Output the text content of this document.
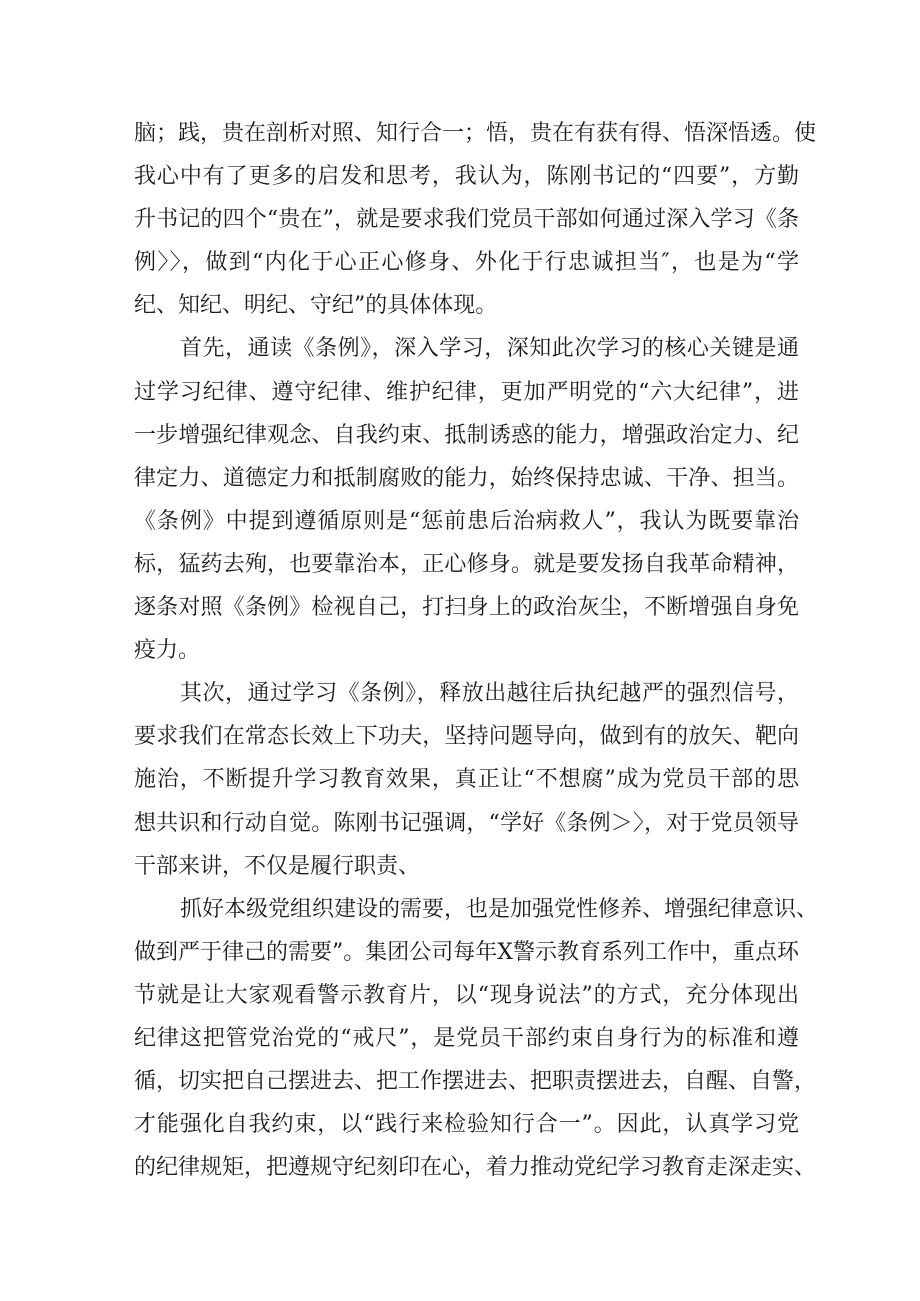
脑；践，贵在剖析对照、知行合一；悟，贵在有获有得、悟深悟透。使
我心中有了更多的启发和思考，我认为，陈刚书记的“四要”，方勤
升书记的四个“贵在”，就是要求我们党员干部如何通过深入学习《条
例〉〉，做到“内化于心正心修身、外化于行忠诚担当″，也是为“学
纪、知纪、明纪、守纪”的具体体现。
首先，通读《条例》，深入学习，深知此次学习的核心关键是通
过学习纪律、遵守纪律、维护纪律，更加严明党的“六大纪律”，进
一步增强纪律观念、自我约束、抵制诱惑的能力，增强政治定力、纪
律定力、道德定力和抵制腐败的能力，始终保持忠诚、干净、担当。
《条例》中提到遵循原则是“惩前患后治病救人”，我认为既要靠治
标，猛药去殉，也要靠治本，正心修身。就是要发扬自我革命精神，
逐条对照《条例》检视自己，打扫身上的政治灰尘，不断增强自身免
疫力。
其次，通过学习《条例》，释放出越往后执纪越严的强烈信号，
要求我们在常态长效上下功夫，坚持问题导向，做到有的放矢、靶向
施治，不断提升学习教育效果，真正让“不想腐”成为党员干部的思
想共识和行动自觉。陈刚书记强调，“学好《条例＞〉，对于党员领导
干部来讲，不仅是履行职责、
抓好本级党组织建设的需要，也是加强党性修养、增强纪律意识、
做到严于律己的需要”。集团公司每年X警示教育系列工作中，重点环
节就是让大家观看警示教育片，以“现身说法”的方式，充分体现出
纪律这把管党治党的“戒尺”，是党员干部约束自身行为的标准和遵
循，切实把自己摆进去、把工作摆进去、把职责摆进去，自醒、自警，
才能强化自我约束，以“践行来检验知行合一”。因此，认真学习党
的纪律规矩，把遵规守纪刻印在心，着力推动党纪学习教育走深走实、
